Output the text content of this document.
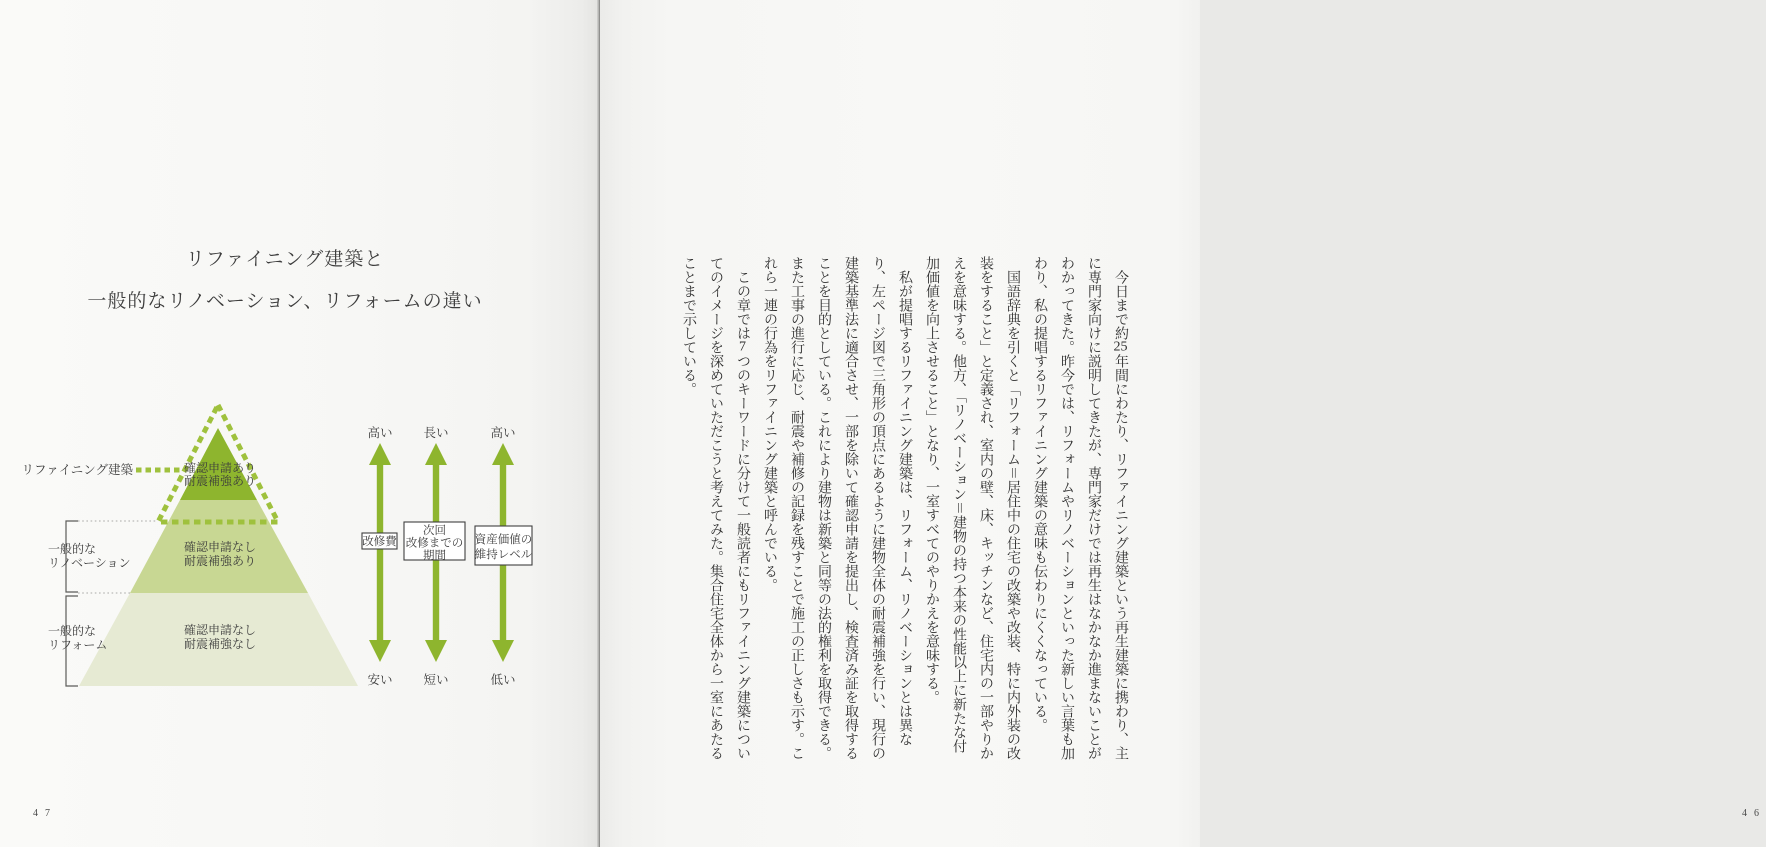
リファイニング建築と
一般的なリノベーション、リフォームの違い
リファイニング建築
一般的な
リノベーション
一般的な
リフォーム
確認申請あり
耐震補強あり
確認申請なし
耐震補強あり
確認申請なし
耐震補強なし
高い 長い	高い
安い 短い	低い
改修費
次回
改修までの
期間
資産価値の
維持レベル
47
　今日まで約25年間にわたり、リファイニング建築という再生建築に携わり、主
に専門家向けに説明してきたが、専門家だけでは再生はなかなか進まないことが
わかってきた。昨今では、リフォームやリノベーションといった新しい言葉も加
わり、私の提唱するリファイニング建築の意味も伝わりにくくなっている。
　国語辞典を引くと「リフォーム＝居住中の住宅の改築や改装、特に内外装の改
装をすること」と定義され、室内の壁、床、キッチンなど、住宅内の一部やりか
えを意味する。他方、「リノベーション＝建物の持つ本来の性能以上に新たな付
加価値を向上させること」となり、一室すべてのやりかえを意味する。
　私が提唱するリファイニング建築は、リフォーム、リノベーションとは異な
り、左ページ図で三角形の頂点にあるように建物全体の耐震補強を行い、現行の
建築基準法に適合させ、一部を除いて確認申請を提出し、検査済み証を取得する
ことを目的としている。これにより建物は新築と同等の法的権利を取得できる。
また工事の進行に応じ、耐震や補修の記録を残すことで施工の正しさも示す。こ
れら一連の行為をリファイニング建築と呼んでいる。
　この章では7つのキーワードに分けて一般読者にもリファイニング建築につい
てのイメージを深めていただこうと考えてみた。集合住宅全体から一室にあたる
ことまで示している。
46
